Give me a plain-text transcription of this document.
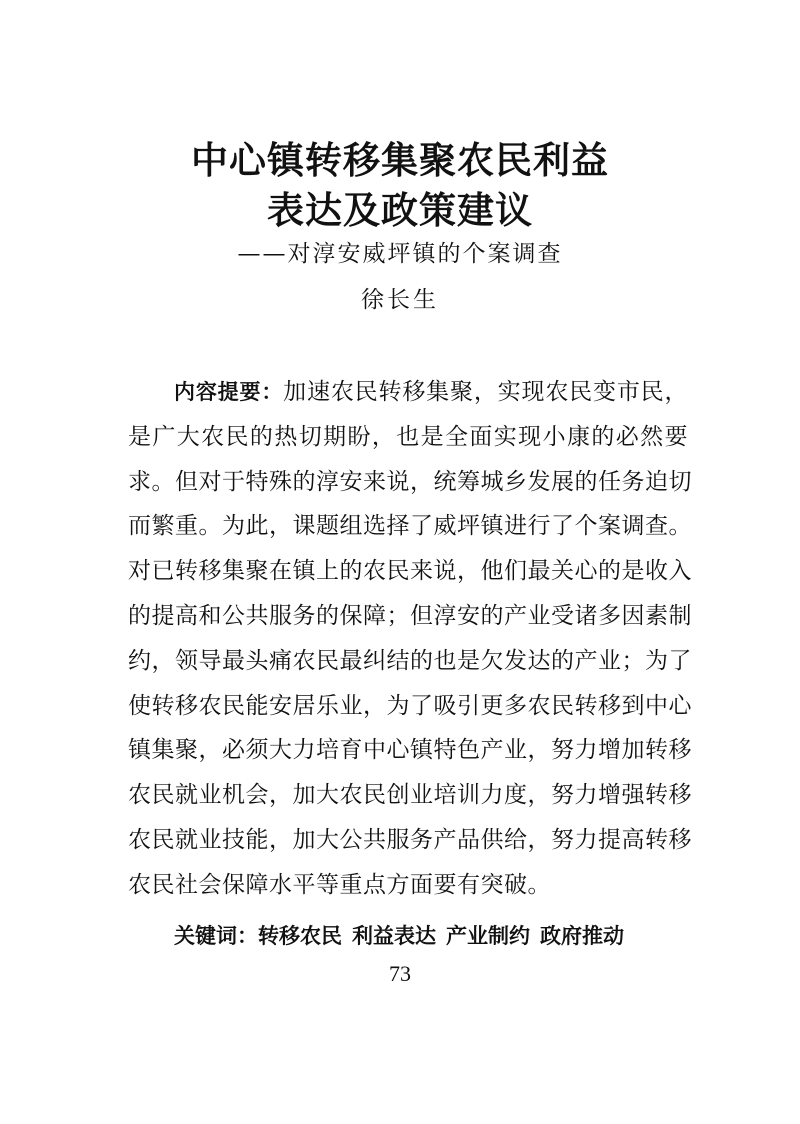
中心镇转移集聚农民利益
表达及政策建议
——对淳安威坪镇的个案调查
徐长生
内容提要：加速农民转移集聚，实现农民变市民，
是广大农民的热切期盼，也是全面实现小康的必然要
求。但对于特殊的淳安来说，统筹城乡发展的任务迫切
而繁重。为此，课题组选择了威坪镇进行了个案调查。
对已转移集聚在镇上的农民来说，他们最关心的是收入
的提高和公共服务的保障；但淳安的产业受诸多因素制
约，领导最头痛农民最纠结的也是欠发达的产业；为了
使转移农民能安居乐业，为了吸引更多农民转移到中心
镇集聚，必须大力培育中心镇特色产业，努力增加转移
农民就业机会，加大农民创业培训力度，努力增强转移
农民就业技能，加大公共服务产品供给，努力提高转移
农民社会保障水平等重点方面要有突破。
关键词：转移农民 利益表达 产业制约 政府推动
73
